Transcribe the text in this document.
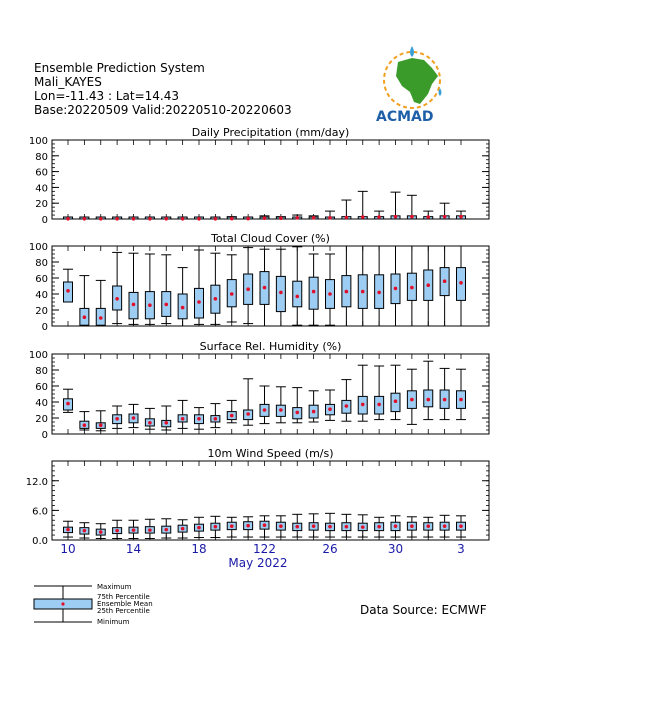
Ensemble Prediction System
Mali_KAYES
Lon=-11.43 : Lat=14.43
Base:20220509 Valid:20220510-20220603	ACMAD
Daily Precipitation (mm/day)
0
20
40
60
80
100
Total Cloud Cover (%)
0
20
40
60
80
100
Surface Rel. Humidity (%)
0
20
40
60
80
100
10m Wind Speed (m/s)
0.0
6.0
12.0
10	14	18	122	26	30	3
May 2022
Maximum
75th Percentile
Ensemble Mean
25th Percentile
Minimum
Data Source: ECMWF
